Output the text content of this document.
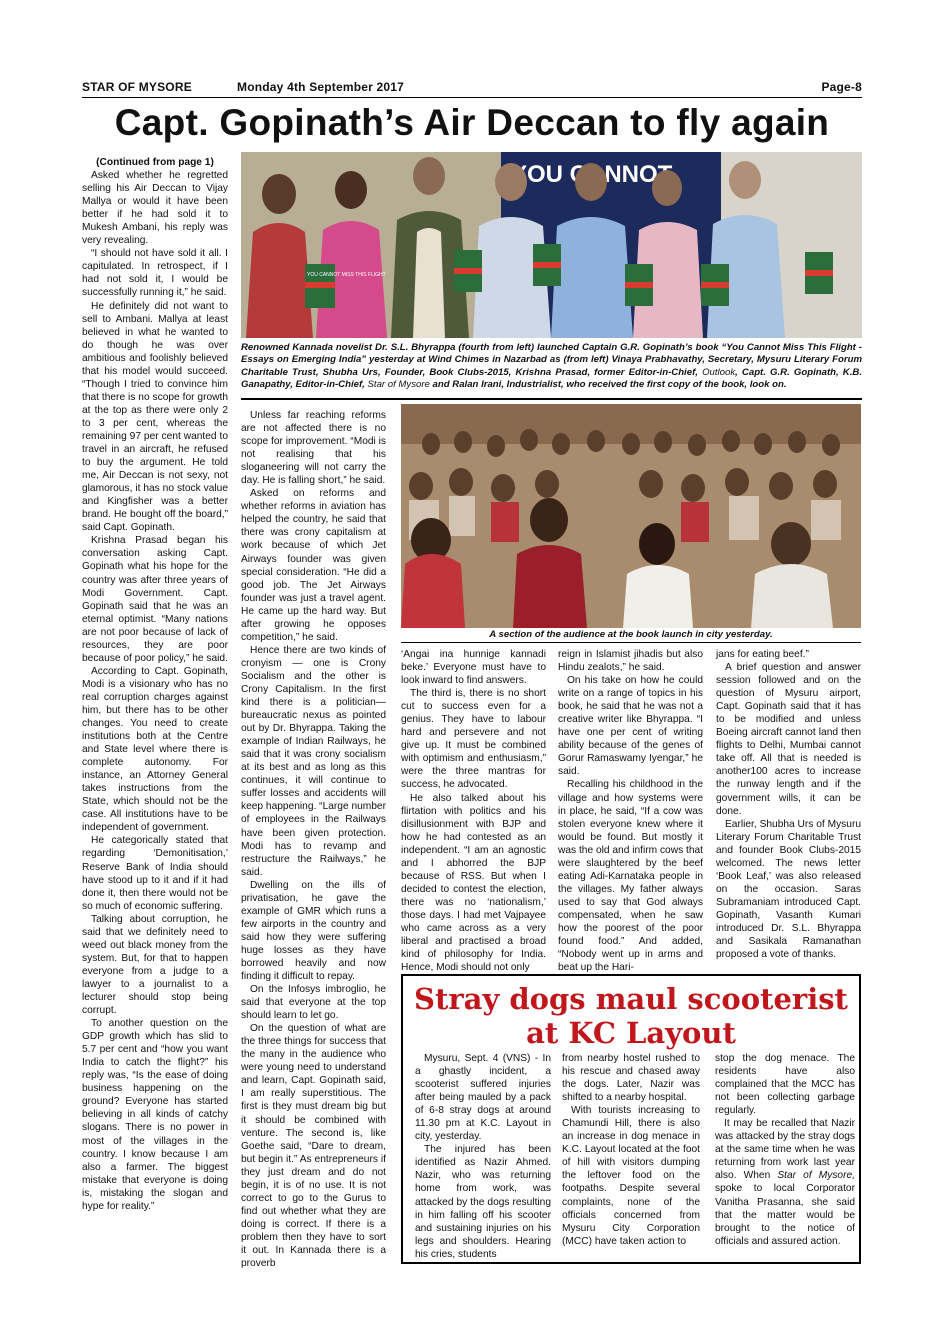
STAR OF MYSORE	Monday 4th September 2017	Page-8
Capt. Gopinath’s Air Deccan to fly again
YOU CANNOT
YOU CANNOT MISS THIS FLIGHT
Renowned Kannada novelist Dr. S.L. Bhyrappa (fourth from left) launched Captain G.R. Gopinath’s book “You Cannot Miss This Flight -Essays on Emerging India” yesterday at Wind Chimes in Nazarbad as (from left) Vinaya Prabhavathy, Secretary, Mysuru Literary Forum Charitable Trust, Shubha Urs, Founder, Book Clubs-2015, Krishna Prasad, former Editor-in-Chief, Outlook, Capt. G.R. Gopinath, K.B. Ganapathy, Editor-in-Chief, Star of Mysore and Ralan Irani, Industrialist, who received the first copy of the book, look on.
A section of the audience at the book launch in city yesterday.

(Continued from page 1)

Asked whether he regretted selling his Air Deccan to Vijay Mallya or would it have been better if he had sold it to Mukesh Ambani, his reply was very revealing.

“I should not have sold it all. I capitulated. In retrospect, if I had not sold it, I would be successfully running it,” he said.

He definitely did not want to sell to Ambani. Mallya at least believed in what he wanted to do though he was over ambitious and foolishly believed that his model would succeed. “Though I tried to convince him that there is no scope for growth at the top as there were only 2 to 3 per cent, whereas the remaining 97 per cent wanted to travel in an aircraft, he refused to buy the argument. He told me, Air Deccan is not sexy, not glamorous, it has no stock value and Kingfisher was a better brand. He bought off the board,” said Capt. Gopinath.

Krishna Prasad began his conversation asking Capt. Gopinath what his hope for the country was after three years of Modi Government. Capt. Gopinath said that he was an eternal optimist. “Many nations are not poor because of lack of resources, they are poor because of poor policy,” he said.

According to Capt. Gopinath, Modi is a visionary who has no real corruption charges against him, but there has to be other changes. You need to create institutions both at the Centre and State level where there is complete autonomy. For instance, an Attorney General takes instructions from the State, which should not be the case. All institutions have to be independent of government.

He categorically stated that regarding ‘Demonitisation,’ Reserve Bank of India should have stood up to it and if it had done it, then there would not be so much of economic suffering.

Talking about corruption, he said that we definitely need to weed out black money from the system. But, for that to happen everyone from a judge to a lawyer to a journalist to a lecturer should stop being corrupt.

To another question on the GDP growth which has slid to 5.7 per cent and “how you want India to catch the flight?” his reply was, “Is the ease of doing business happening on the ground? Everyone has started believing in all kinds of catchy slogans. There is no power in most of the villages in the country. I know because I am also a farmer. The biggest mistake that everyone is doing is, mistaking the slogan and hype for reality.”

Unless far reaching reforms are not affected there is no scope for improvement. “Modi is not realising that his sloganeering will not carry the day. He is falling short,” he said.

Asked on reforms and whether reforms in aviation has helped the country, he said that there was crony capitalism at work because of which Jet Airways founder was given special consideration. “He did a good job. The Jet Airways founder was just a travel agent. He came up the hard way. But after growing he opposes competition,” he said.

Hence there are two kinds of cronyism — one is Crony Socialism and the other is Crony Capitalism. In the first kind there is a politician—bureaucratic nexus as pointed out by Dr. Bhyrappa. Taking the example of Indian Railways, he said that it was crony socialism at its best and as long as this continues, it will continue to suffer losses and accidents will keep happening. “Large number of employees in the Railways have been given protection. Modi has to revamp and restructure the Railways,” he said.

Dwelling on the ills of privatisation, he gave the example of GMR which runs a few airports in the country and said how they were suffering huge losses as they have borrowed heavily and now finding it difficult to repay.

On the Infosys imbroglio, he said that everyone at the top should learn to let go.

On the question of what are the three things for success that the many in the audience who were young need to understand and learn, Capt. Gopinath said, I am really superstitious. The first is they must dream big but it should be combined with venture. The second is, like Goethe said, “Dare to dream, but begin it.” As entrepreneurs if they just dream and do not begin, it is of no use. It is not correct to go to the Gurus to find out whether what they are doing is correct. If there is a problem then they have to sort it out. In Kannada there is a proverb

‘Angai ina hunnige kannadi beke.’ Everyone must have to look inward to find answers.

The third is, there is no short cut to success even for a genius. They have to labour hard and persevere and not give up. It must be combined with optimism and enthusiasm,” were the three mantras for success, he advocated.

He also talked about his flirtation with politics and his disillusionment with BJP and how he had contested as an independent. “I am an agnostic and I abhorred the BJP because of RSS. But when I decided to contest the election, there was no ‘nationalism,’ those days. I had met Vajpayee who came across as a very liberal and practised a broad kind of philosophy for India. Hence, Modi should not only

reign in Islamist jihadis but also Hindu zealots,” he said.

On his take on how he could write on a range of topics in his book, he said that he was not a creative writer like Bhyrappa. “I have one per cent of writing ability because of the genes of Gorur Ramaswamy Iyengar,” he said.

Recalling his childhood in the village and how systems were in place, he said, “If a cow was stolen everyone knew where it would be found. But mostly it was the old and infirm cows that were slaughtered by the beef eating Adi-Karnataka people in the villages. My father always used to say that God always compensated, when he saw how the poorest of the poor found food.” And added, “Nobody went up in arms and beat up the Hari-

jans for eating beef.”

A brief question and answer session followed and on the question of Mysuru airport, Capt. Gopinath said that it has to be modified and unless Boeing aircraft cannot land then flights to Delhi, Mumbai cannot take off. All that is needed is another100 acres to increase the runway length and if the government wills, it can be done.

Earlier, Shubha Urs of Mysuru Literary Forum Charitable Trust and founder Book Clubs-2015 welcomed. The news letter ‘Book Leaf,’ was also released on the occasion. Saras Subramaniam introduced Capt. Gopinath, Vasanth Kumari introduced Dr. S.L. Bhyrappa and Sasikala Ramanathan proposed a vote of thanks.

Stray dogs maul scooterist
at KC Layout

Mysuru, Sept. 4 (VNS) - In a ghastly incident, a scooterist suffered injuries after being mauled by a pack of 6-8 stray dogs at around 11.30 pm at K.C. Layout in city, yesterday.

The injured has been identified as Nazir Ahmed. Nazir, who was returning home from work, was attacked by the dogs resulting in him falling off his scooter and sustaining injuries on his legs and shoulders. Hearing his cries, students

from nearby hostel rushed to his rescue and chased away the dogs. Later, Nazir was shifted to a nearby hospital.

With tourists increasing to Chamundi Hill, there is also an increase in dog menace in K.C. Layout located at the foot of hill with visitors dumping the leftover food on the footpaths. Despite several complaints, none of the officials concerned from Mysuru City Corporation (MCC) have taken action to

stop the dog menace. The residents have also complained that the MCC has not been collecting garbage regularly.

It may be recalled that Nazir was attacked by the stray dogs at the same time when he was returning from work last year also. When Star of Mysore, spoke to local Corporator Vanitha Prasanna, she said that the matter would be brought to the notice of officials and assured action.
